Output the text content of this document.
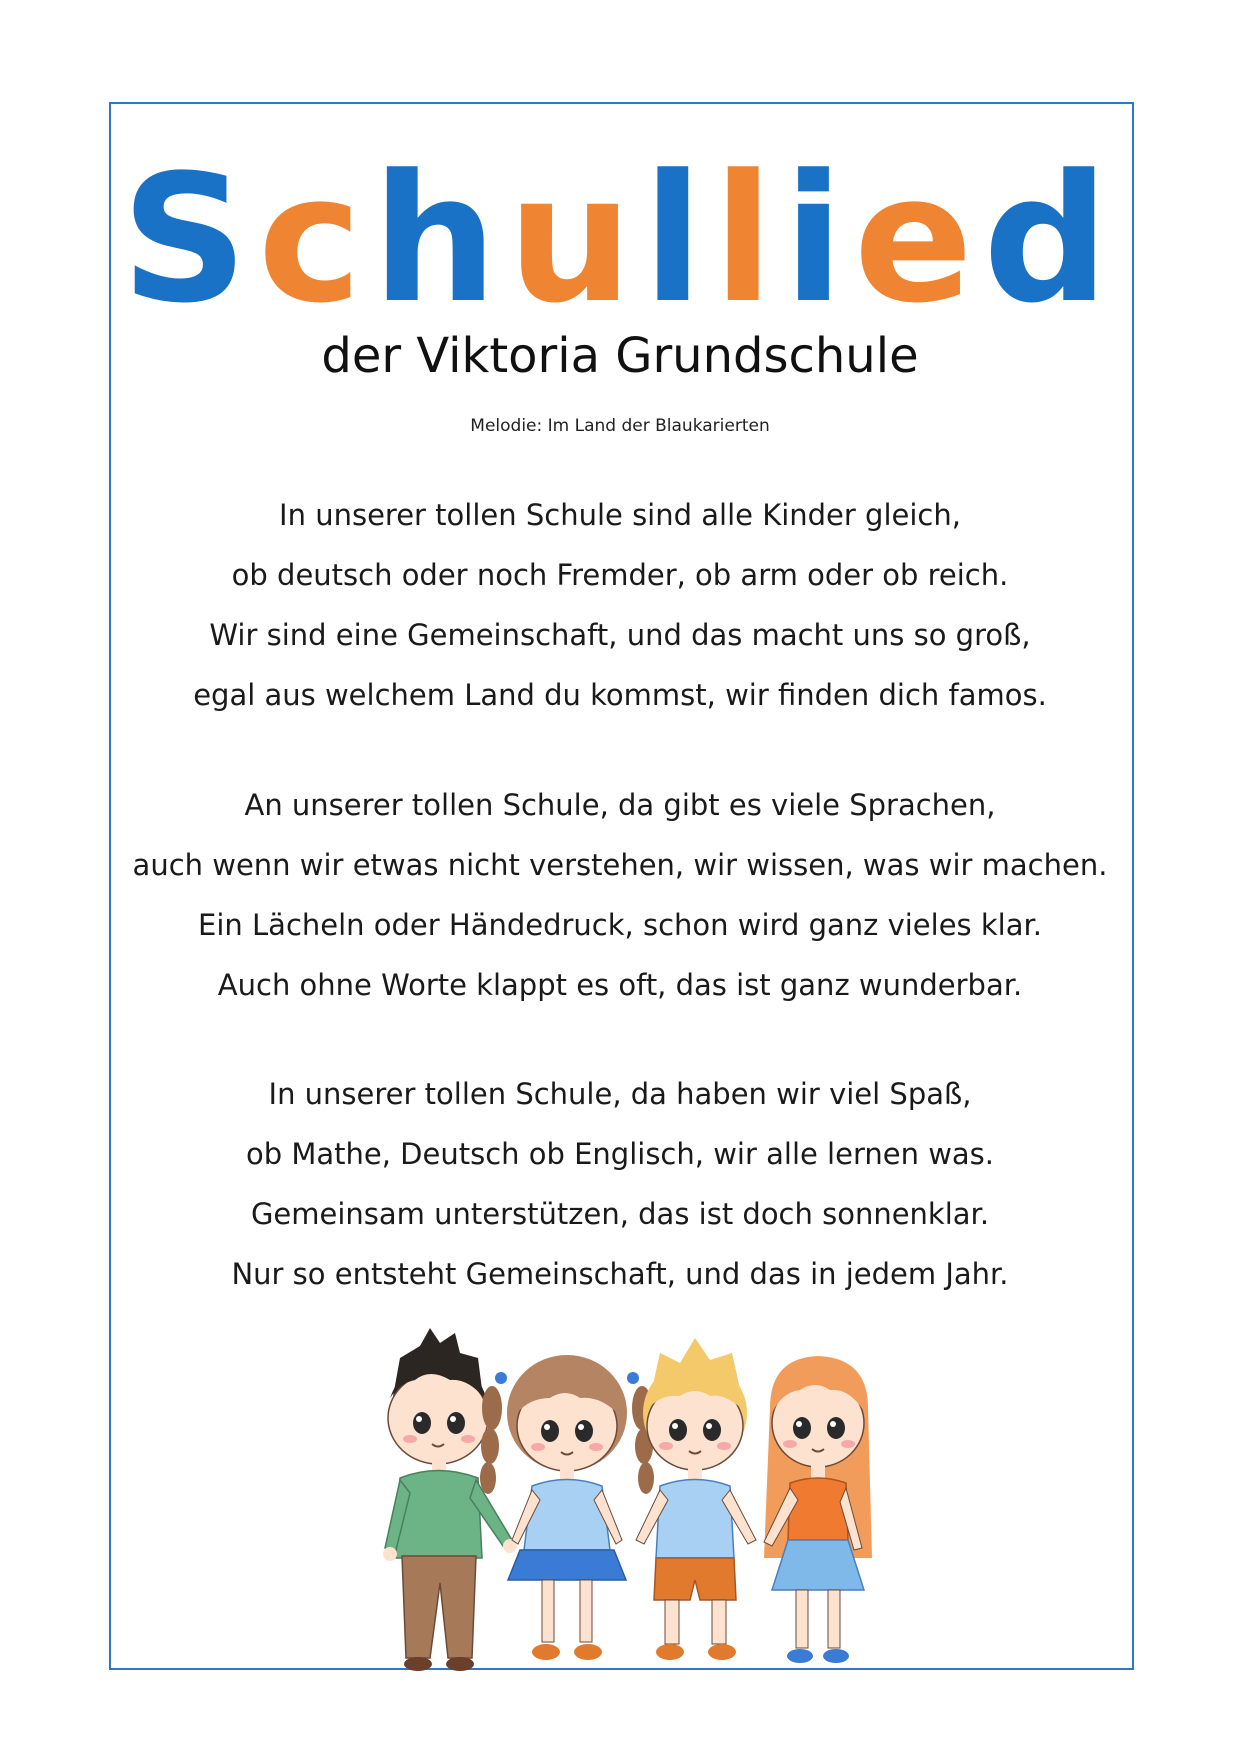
Schullied
der Viktoria Grundschule
Melodie: Im Land der Blaukarierten
In unserer tollen Schule sind alle Kinder gleich,
ob deutsch oder noch Fremder, ob arm oder ob reich.
Wir sind eine Gemeinschaft, und das macht uns so groß,
egal aus welchem Land du kommst, wir finden dich famos.
An unserer tollen Schule, da gibt es viele Sprachen,
auch wenn wir etwas nicht verstehen, wir wissen, was wir machen.
Ein Lächeln oder Händedruck, schon wird ganz vieles klar.
Auch ohne Worte klappt es oft, das ist ganz wunderbar.
In unserer tollen Schule, da haben wir viel Spaß,
ob Mathe, Deutsch ob Englisch, wir alle lernen was.
Gemeinsam unterstützen, das ist doch sonnenklar.
Nur so entsteht Gemeinschaft, und das in jedem Jahr.
